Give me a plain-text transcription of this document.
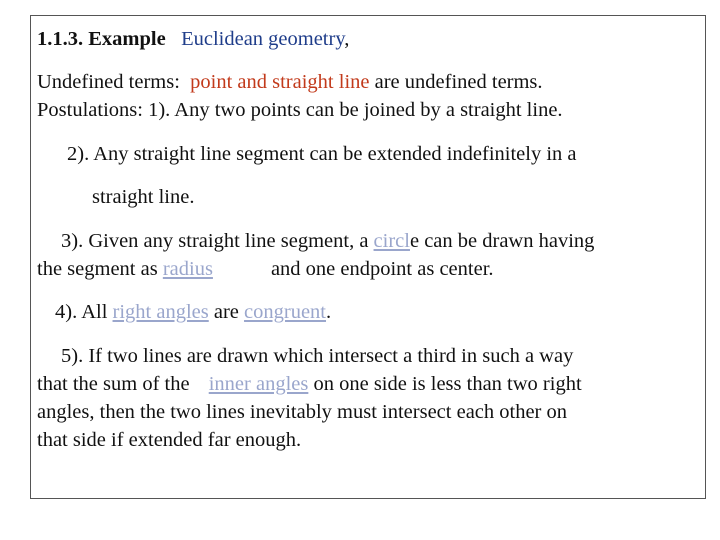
1.1.3. Example Euclidean geometry,
Undefined terms: point and straight line are undefined terms.
Postulations: 1). Any two points can be joined by a straight line.
2). Any straight line segment can be extended indefinitely in a
straight line.
3). Given any straight line segment, a circle can be drawn having
the segment as radius	and one endpoint as center.
4). All right angles are congruent.
5). If two lines are drawn which intersect a third in such a way
that the sum of the inner angles on one side is less than two right
angles, then the two lines inevitably must intersect each other on
that side if extended far enough.
